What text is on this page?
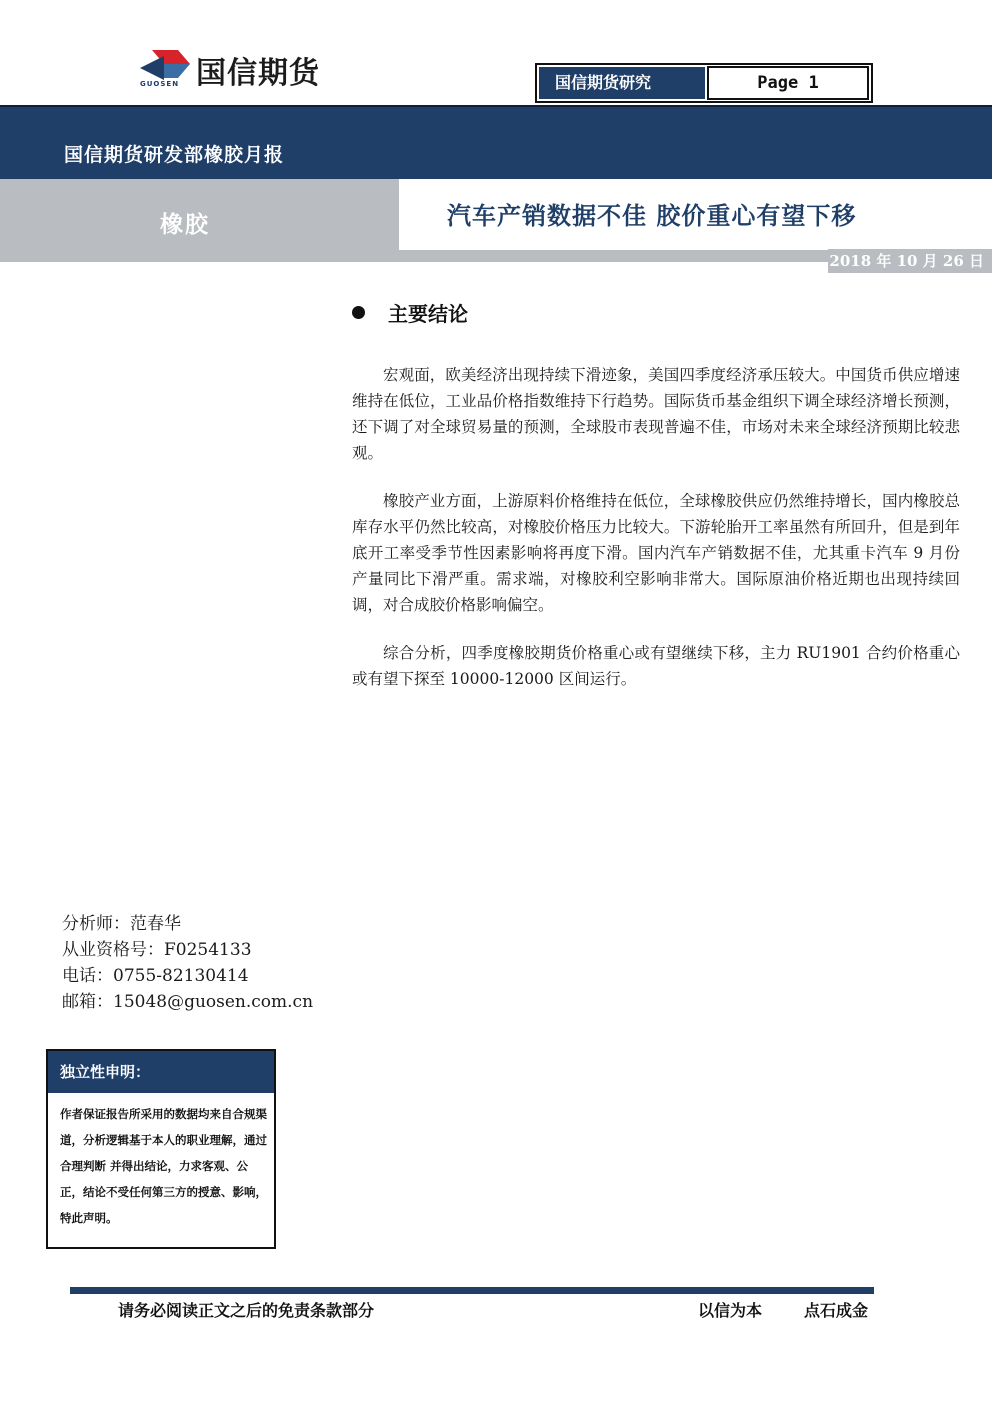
GUOSEN 国信期货	国信期货研究	Page 1
国信期货研发部橡胶月报
橡胶	汽车产销数据不佳 胶价重心有望下移
2018 年 10 月 26 日
主要结论

宏观面，欧美经济出现持续下滑迹象，美国四季度经济承压较大。中国货币供应增速维持在低位，工业品价格指数维持下行趋势。国际货币基金组织下调全球经济增长预测，还下调了对全球贸易量的预测，全球股市表现普遍不佳，市场对未来全球经济预期比较悲观。

橡胶产业方面，上游原料价格维持在低位，全球橡胶供应仍然维持增长，国内橡胶总库存水平仍然比较高，对橡胶价格压力比较大。下游轮胎开工率虽然有所回升，但是到年底开工率受季节性因素影响将再度下滑。国内汽车产销数据不佳，尤其重卡汽车 9 月份产量同比下滑严重。需求端，对橡胶利空影响非常大。国际原油价格近期也出现持续回调，对合成胶价格影响偏空。

综合分析，四季度橡胶期货价格重心或有望继续下移，主力 RU1901 合约价格重心或有望下探至 10000-12000 区间运行。

分析师：范春华
从业资格号：F0254133
电话：0755-82130414
邮箱：15048@guosen.com.cn
独立性申明：
作者保证报告所采用的数据均来自合规渠道，分析逻辑基于本人的职业理解，通过合理判断 并得出结论，力求客观、公正，结论不受任何第三方的授意、影响，特此声明。
请务必阅读正文之后的免责条款部分	以信为本	点石成金
